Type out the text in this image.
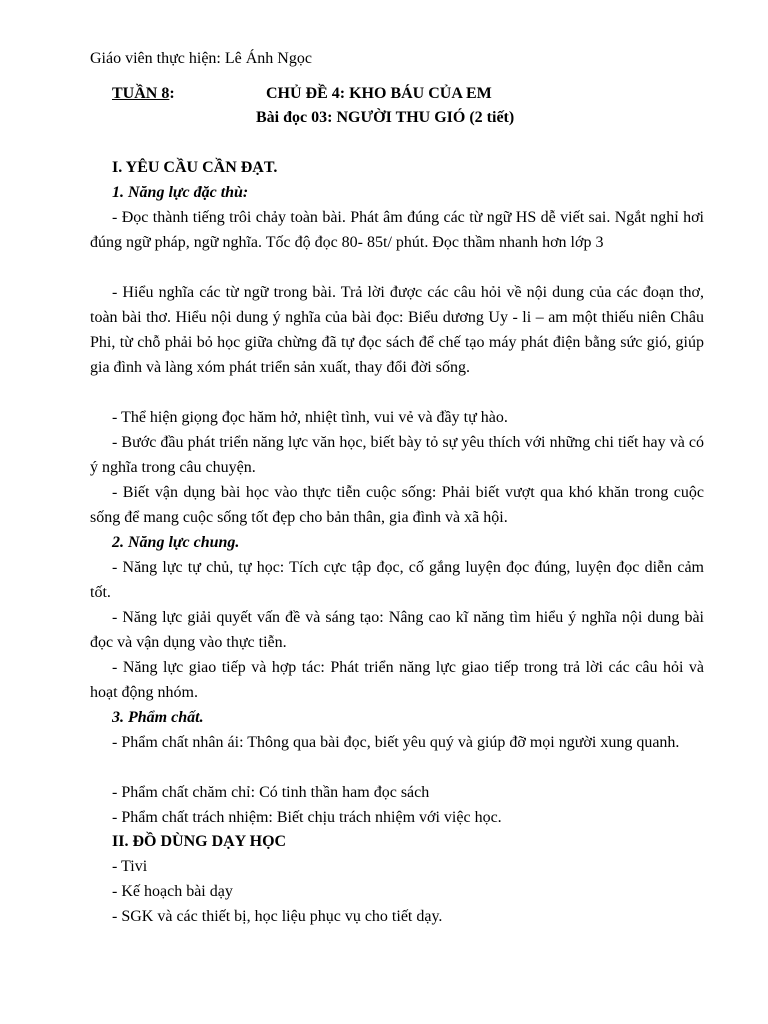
Giáo viên thực hiện: Lê Ánh Ngọc
TUẦN 8:	CHỦ ĐỀ 4: KHO BÁU CỦA EM
Bài đọc 03: NGƯỜI THU GIÓ (2 tiết)
I. YÊU CẦU CẦN ĐẠT.
1. Năng lực đặc thù:
- Đọc thành tiếng trôi chảy toàn bài. Phát âm đúng các từ ngữ HS dễ viết sai. Ngắt nghỉ hơi đúng ngữ pháp, ngữ nghĩa. Tốc độ đọc 80- 85t/ phút. Đọc thầm nhanh hơn lớp 3
- Hiểu nghĩa các từ ngữ trong bài. Trả lời được các câu hỏi về nội dung của các đoạn thơ, toàn bài thơ. Hiểu nội dung ý nghĩa của bài đọc: Biểu dương Uy - li – am một thiếu niên Châu Phi, từ chỗ phải bỏ học giữa chừng đã tự đọc sách để chế tạo máy phát điện bằng sức gió, giúp gia đình và làng xóm phát triển sản xuất, thay đổi đời sống.
- Thể hiện giọng đọc hăm hở, nhiệt tình, vui vẻ và đầy tự hào.
- Bước đầu phát triển năng lực văn học, biết bày tỏ sự yêu thích với những chi tiết hay và có ý nghĩa trong câu chuyện.
- Biết vận dụng bài học vào thực tiễn cuộc sống: Phải biết vượt qua khó khăn trong cuộc sống để mang cuộc sống tốt đẹp cho bản thân, gia đình và xã hội.
2. Năng lực chung.
- Năng lực tự chủ, tự học: Tích cực tập đọc, cố gắng luyện đọc đúng, luyện đọc diễn cảm tốt.
- Năng lực giải quyết vấn đề và sáng tạo: Nâng cao kĩ năng tìm hiểu ý nghĩa nội dung bài đọc và vận dụng vào thực tiễn.
- Năng lực giao tiếp và hợp tác: Phát triển năng lực giao tiếp trong trả lời các câu hỏi và hoạt động nhóm.
3. Phẩm chất.
- Phẩm chất nhân ái: Thông qua bài đọc, biết yêu quý và giúp đỡ mọi người xung quanh.
- Phẩm chất chăm chỉ: Có tinh thần ham đọc sách
- Phẩm chất trách nhiệm: Biết chịu trách nhiệm với việc học.
II. ĐỒ DÙNG DẠY HỌC
- Tivi
- Kế hoạch bài dạy
- SGK và các thiết bị, học liệu phục vụ cho tiết dạy.
